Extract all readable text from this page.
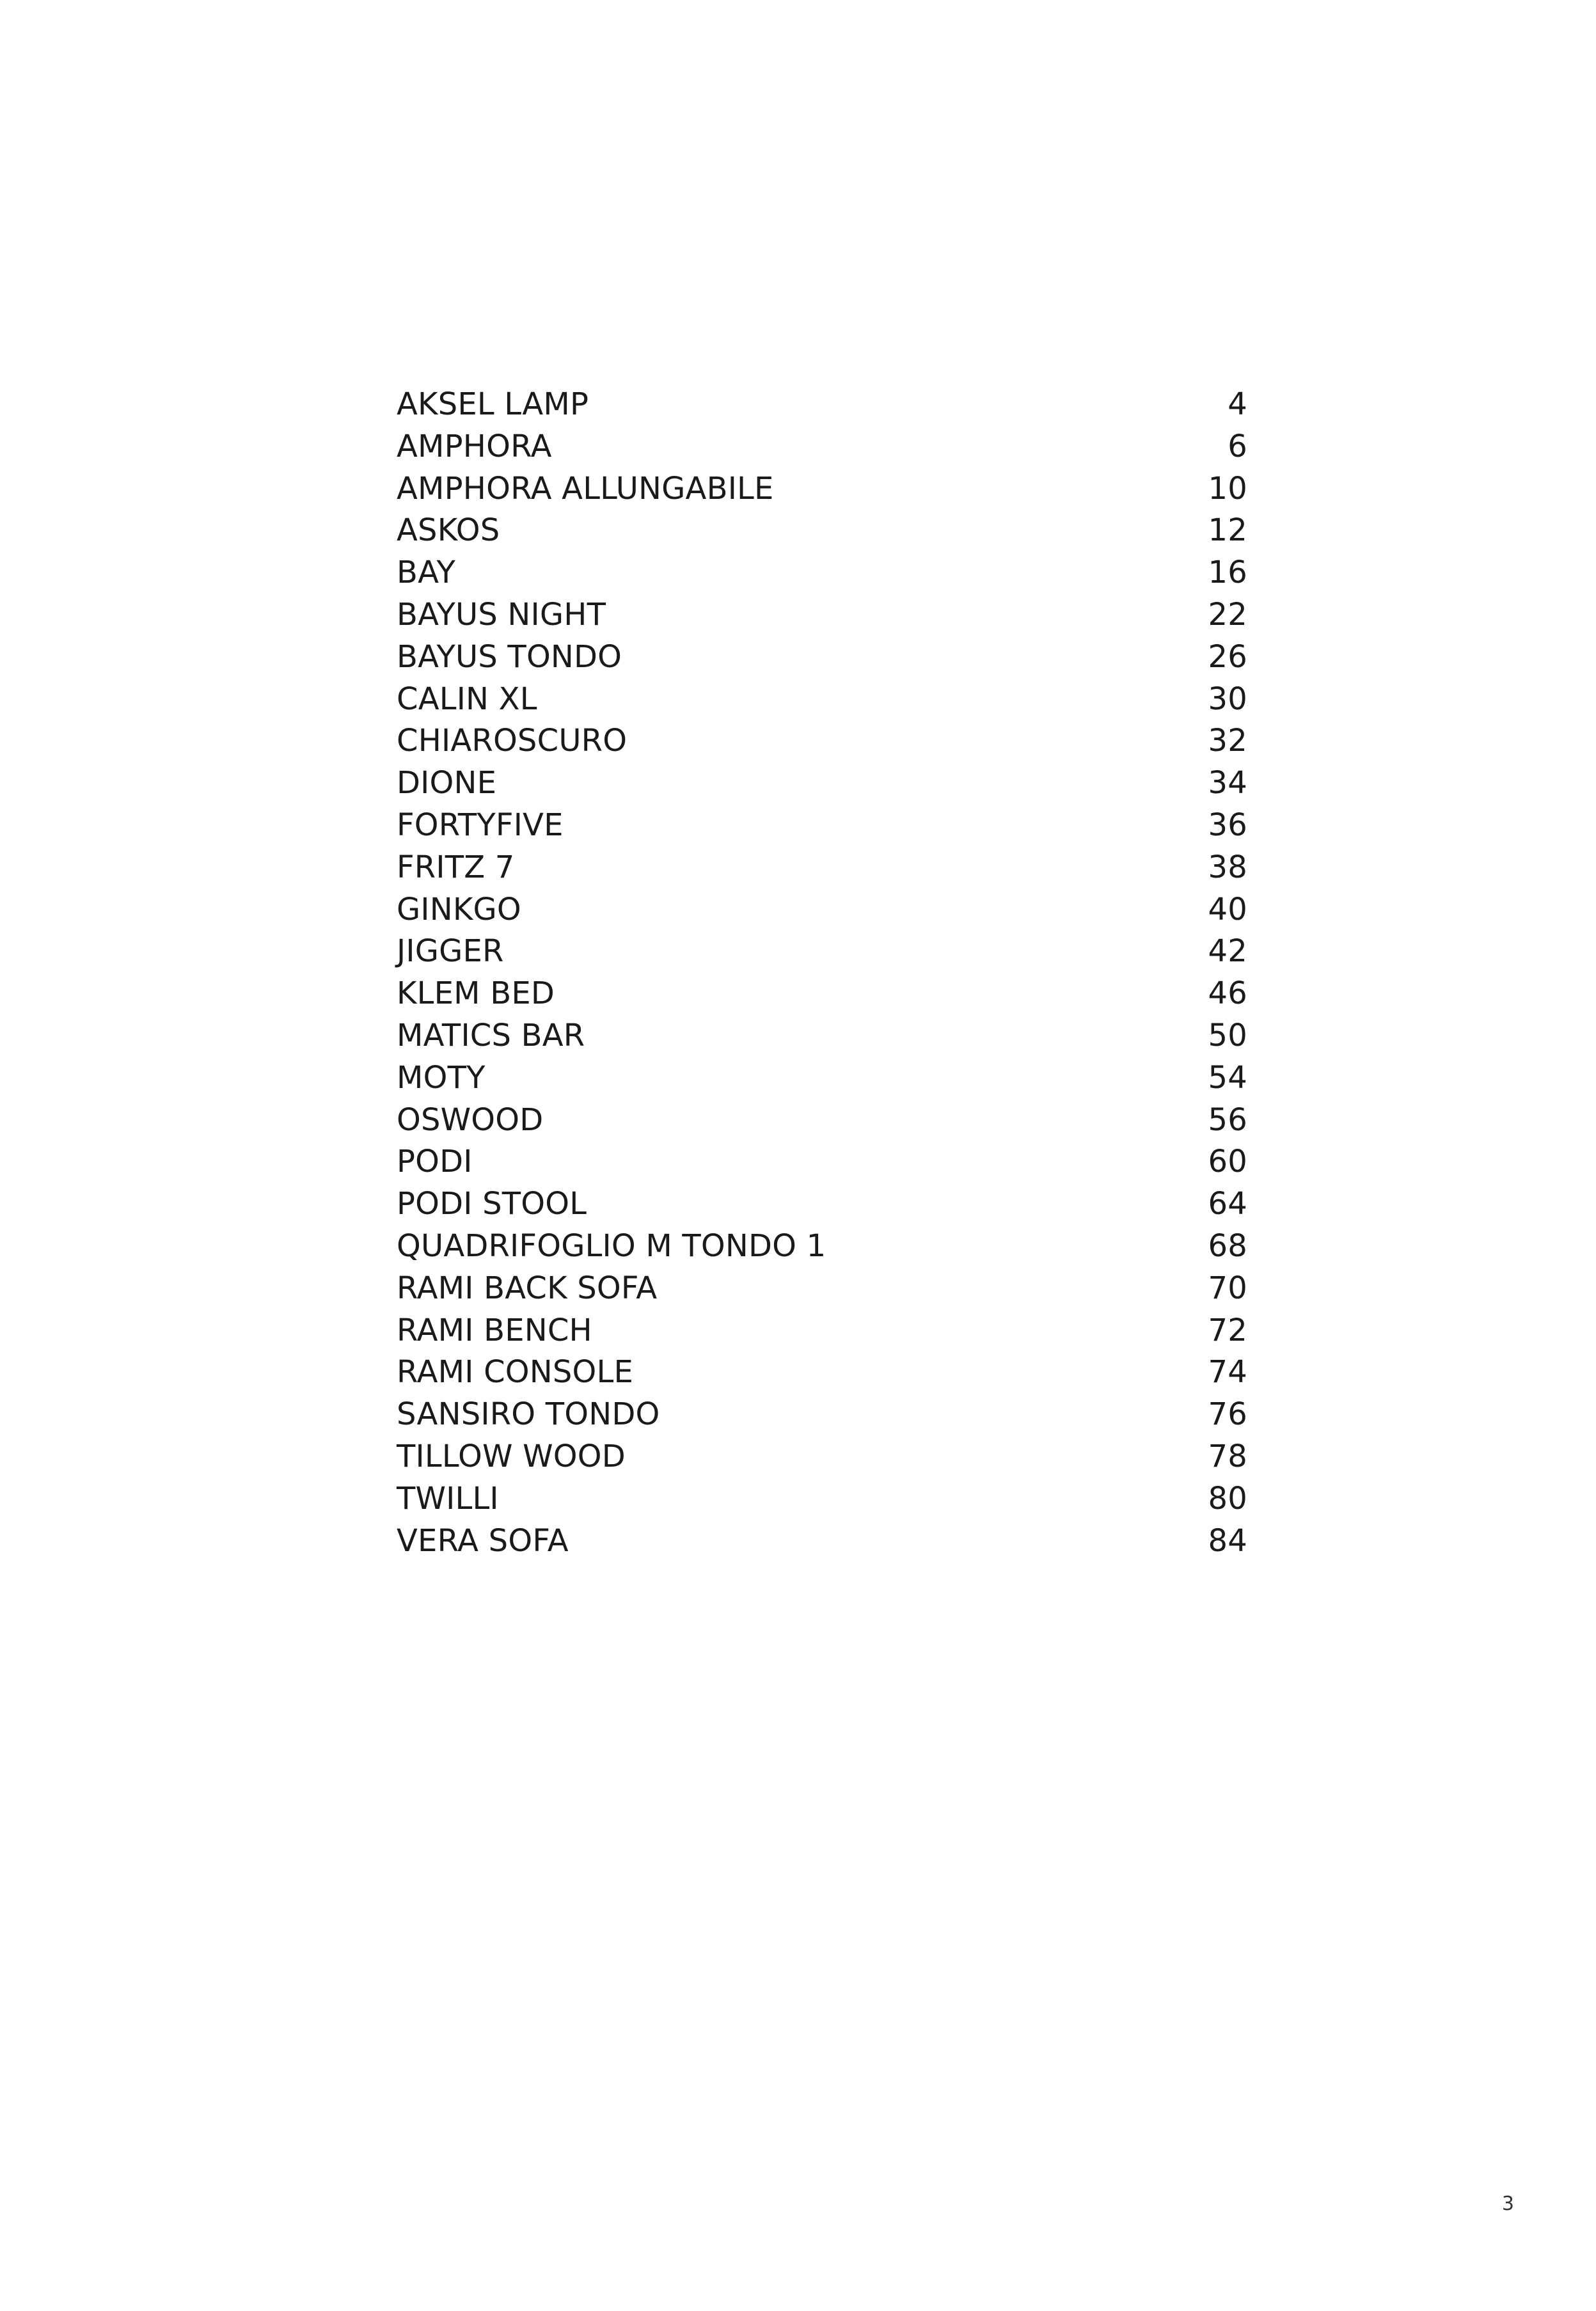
AKSEL LAMP	4
AMPHORA	6
AMPHORA ALLUNGABILE	10
ASKOS	12
BAY	16
BAYUS NIGHT	22
BAYUS TONDO	26
CALIN XL	30
CHIAROSCURO	32
DIONE	34
FORTYFIVE	36
FRITZ 7	38
GINKGO	40
JIGGER	42
KLEM BED	46
MATICS BAR	50
MOTY	54
OSWOOD	56
PODI	60
PODI STOOL	64
QUADRIFOGLIO M TONDO 1	68
RAMI BACK SOFA	70
RAMI BENCH	72
RAMI CONSOLE	74
SANSIRO TONDO	76
TILLOW WOOD	78
TWILLI	80
VERA SOFA	84
3
